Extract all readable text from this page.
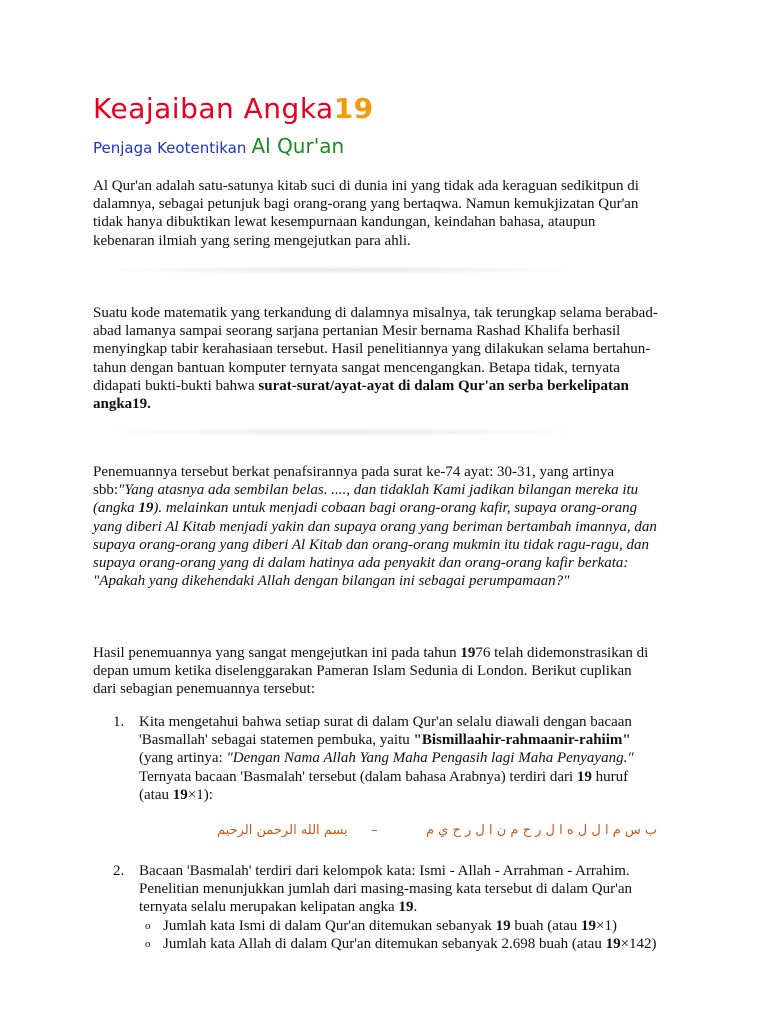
Keajaiban Angka19
Penjaga Keotentikan Al Qur'an

Al Qur'an adalah satu-satunya kitab suci di dunia ini yang tidak ada keraguan sedikitpun di dalamnya, sebagai petunjuk bagi orang-orang yang bertaqwa. Namun kemukjizatan Qur'an tidak hanya dibuktikan lewat kesempurnaan kandungan, keindahan bahasa, ataupun kebenaran ilmiah yang sering mengejutkan para ahli.

Suatu kode matematik yang terkandung di dalamnya misalnya, tak terungkap selama berabad-abad lamanya sampai seorang sarjana pertanian Mesir bernama Rashad Khalifa berhasil menyingkap tabir kerahasiaan tersebut. Hasil penelitiannya yang dilakukan selama bertahun-tahun dengan bantuan komputer ternyata sangat mencengangkan. Betapa tidak, ternyata didapati bukti-bukti bahwa surat-surat/ayat-ayat di dalam Qur'an serba berkelipatan angka19.

Penemuannya tersebut berkat penafsirannya pada surat ke-74 ayat: 30-31, yang artinya sbb:"Yang atasnya ada sembilan belas. ...., dan tidaklah Kami jadikan bilangan mereka itu (angka 19). melainkan untuk menjadi cobaan bagi orang-orang kafir, supaya orang-orang yang diberi Al Kitab menjadi yakin dan supaya orang yang beriman bertambah imannya, dan supaya orang-orang yang diberi Al Kitab dan orang-orang mukmin itu tidak ragu-ragu, dan supaya orang-orang yang di dalam hatinya ada penyakit dan orang-orang kafir berkata: "Apakah yang dikehendaki Allah dengan bilangan ini sebagai perumpamaan?"

Hasil penemuannya yang sangat mengejutkan ini pada tahun 1976 telah didemonstrasikan di depan umum ketika diselenggarakan Pameran Islam Sedunia di London. Berikut cuplikan dari sebagian penemuannya tersebut:

1. Kita mengetahui bahwa setiap surat di dalam Qur'an selalu diawali dengan bacaan 'Basmallah' sebagai statemen pembuka, yaitu "Bismillaahir-rahmaanir-rahiim"(yang artinya: "Dengan Nama Allah Yang Maha Pengasih lagi Maha Penyayang." Ternyata bacaan 'Basmalah' tersebut (dalam bahasa Arabnya) terdiri dari 19 huruf (atau 19×1):
بسم الله الرحمن الرحيم –	ب س م ا ل ل ه ا ل ر ح م ن ا ل ر ح ي م
2. Bacaan 'Basmalah' terdiri dari kelompok kata: Ismi - Allah - Arrahman - Arrahim. Penelitian menunjukkan jumlah dari masing-masing kata tersebut di dalam Qur'an ternyata selalu merupakan kelipatan angka 19.
o Jumlah kata Ismi di dalam Qur'an ditemukan sebanyak 19 buah (atau 19×1)
o Jumlah kata Allah di dalam Qur'an ditemukan sebanyak 2.698 buah (atau 19×142)
